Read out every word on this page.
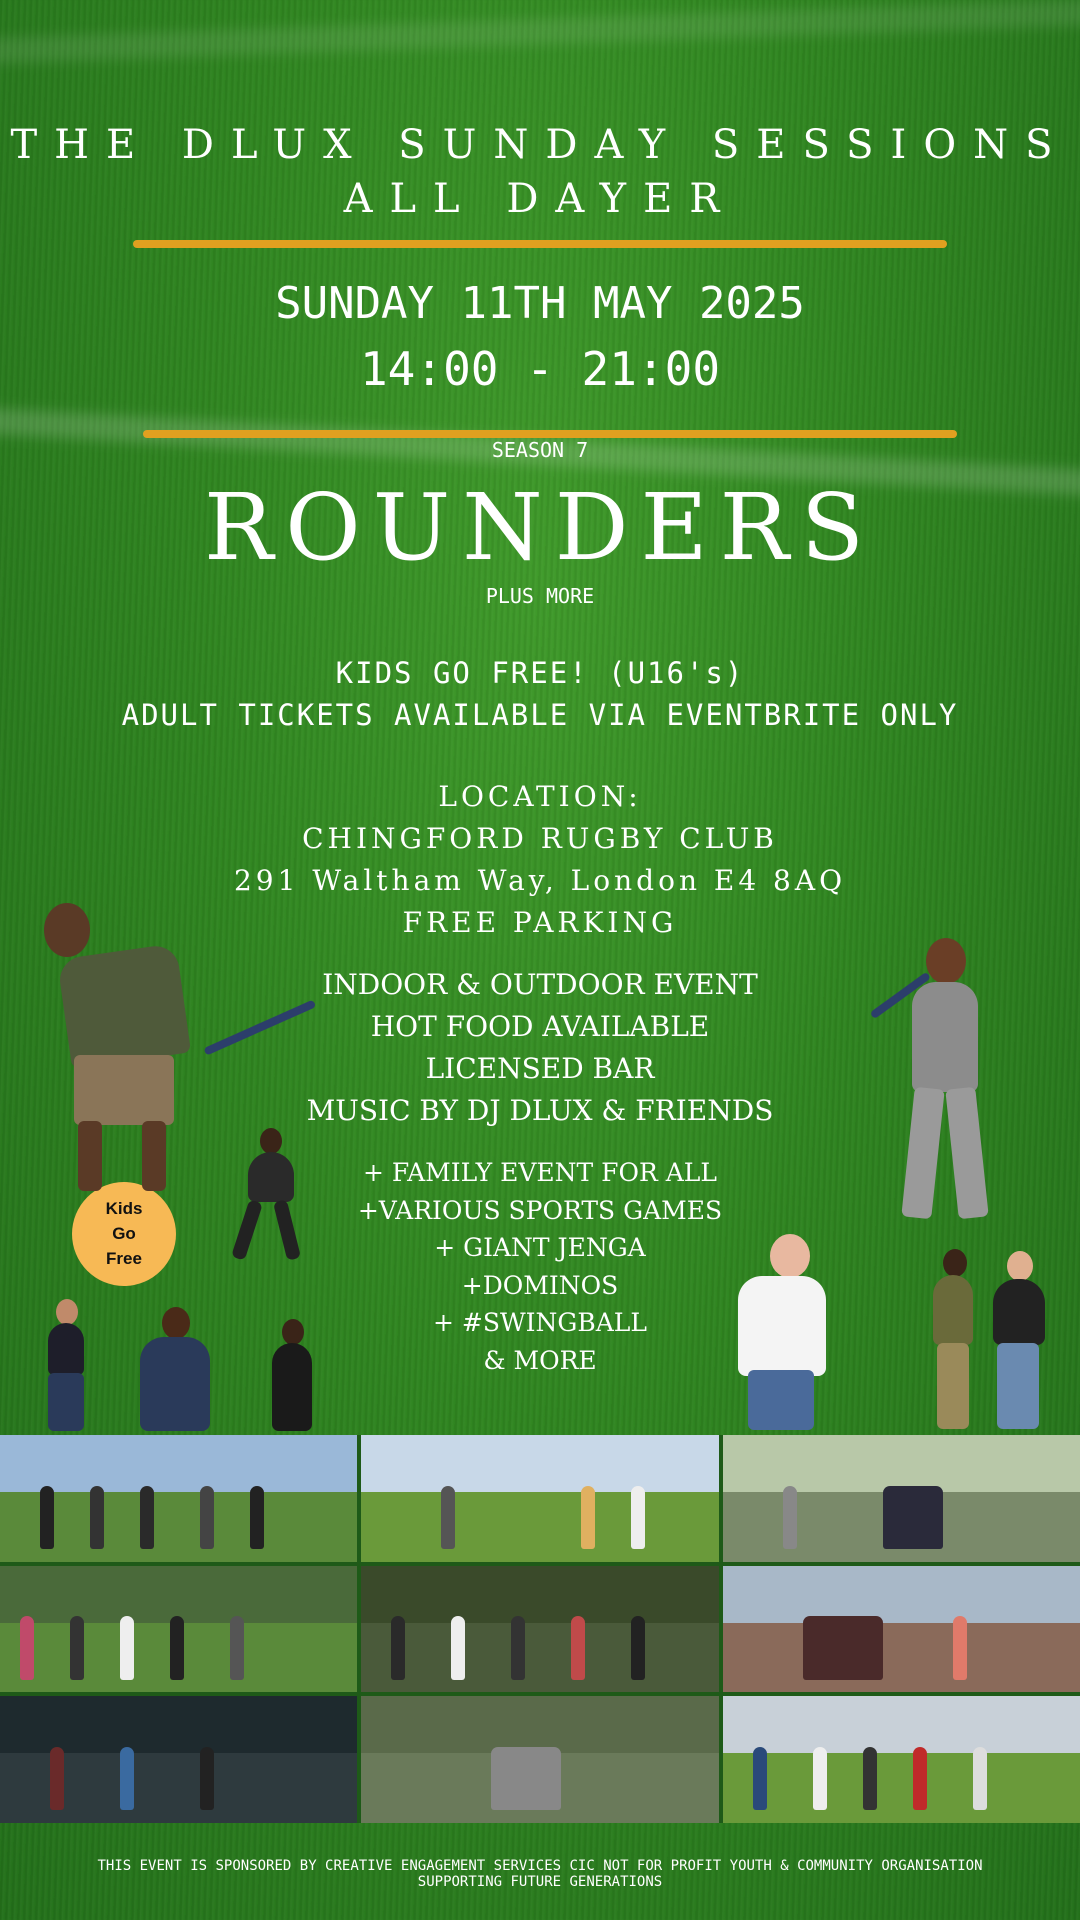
THE DLUX SUNDAY SESSIONS
ALL DAYER
SUNDAY 11TH MAY 2025
14:00 - 21:00
SEASON 7
ROUNDERS
PLUS MORE
KIDS GO FREE! (U16's)
ADULT TICKETS AVAILABLE VIA EVENTBRITE ONLY
LOCATION:
CHINGFORD RUGBY CLUB
291 Waltham Way, London E4 8AQ
FREE PARKING
INDOOR & OUTDOOR EVENT
HOT FOOD AVAILABLE
LICENSED BAR
MUSIC BY DJ DLUX & FRIENDS
+ FAMILY EVENT FOR ALL
+VARIOUS SPORTS GAMES
+ GIANT JENGA
+DOMINOS
+ #SWINGBALL
& MORE
Kids
Go
Free
THIS EVENT IS SPONSORED BY CREATIVE ENGAGEMENT SERVICES CIC NOT FOR PROFIT YOUTH & COMMUNITY ORGANISATION
SUPPORTING FUTURE GENERATIONS
